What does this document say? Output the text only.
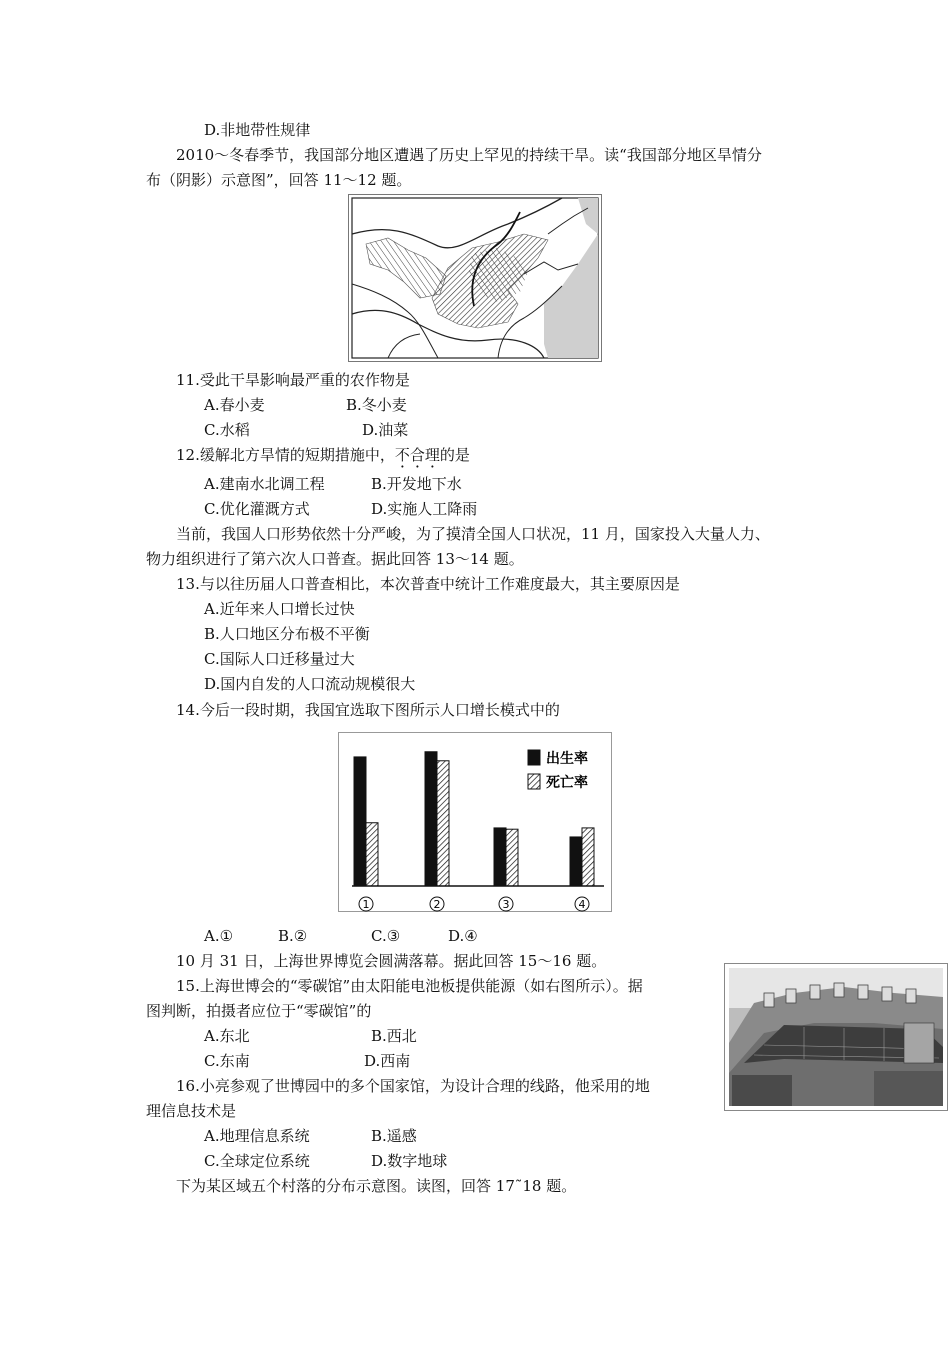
D.非地带性规律
2010～冬春季节，我国部分地区遭遇了历史上罕见的持续干旱。读“我国部分地区旱情分
布（阴影）示意图”，回答 11～12 题。
11.受此干旱影响最严重的农作物是
A.春小麦	B.冬小麦
C.水稻	D.油菜
12.缓解北方旱情的短期措施中，不合理的是
A.建南水北调工程	B.开发地下水
C.优化灌溉方式	D.实施人工降雨
当前，我国人口形势依然十分严峻，为了摸清全国人口状况，11 月，国家投入大量人力、
物力组织进行了第六次人口普查。据此回答 13～14 题。
13.与以往历届人口普查相比，本次普查中统计工作难度最大，其主要原因是
A.近年来人口增长过快
B.人口地区分布极不平衡
C.国际人口迁移量过大
D.国内自发的人口流动规模很大
14.今后一段时期，我国宜选取下图所示人口增长模式中的
1	2	3	4
出生率
死亡率
A.①	B.②	C.③	D.④
10 月 31 日，上海世界博览会圆满落幕。据此回答 15～16 题。
15.上海世博会的“零碳馆”由太阳能电池板提供能源（如右图所示）。据
图判断，拍摄者应位于“零碳馆”的
A.东北	B.西北
C.东南	D.西南
16.小亮参观了世博园中的多个国家馆，为设计合理的线路，他采用的地
理信息技术是
A.地理信息系统	B.遥感
C.全球定位系统	D.数字地球
下为某区域五个村落的分布示意图。读图，回答 17˜18 题。
